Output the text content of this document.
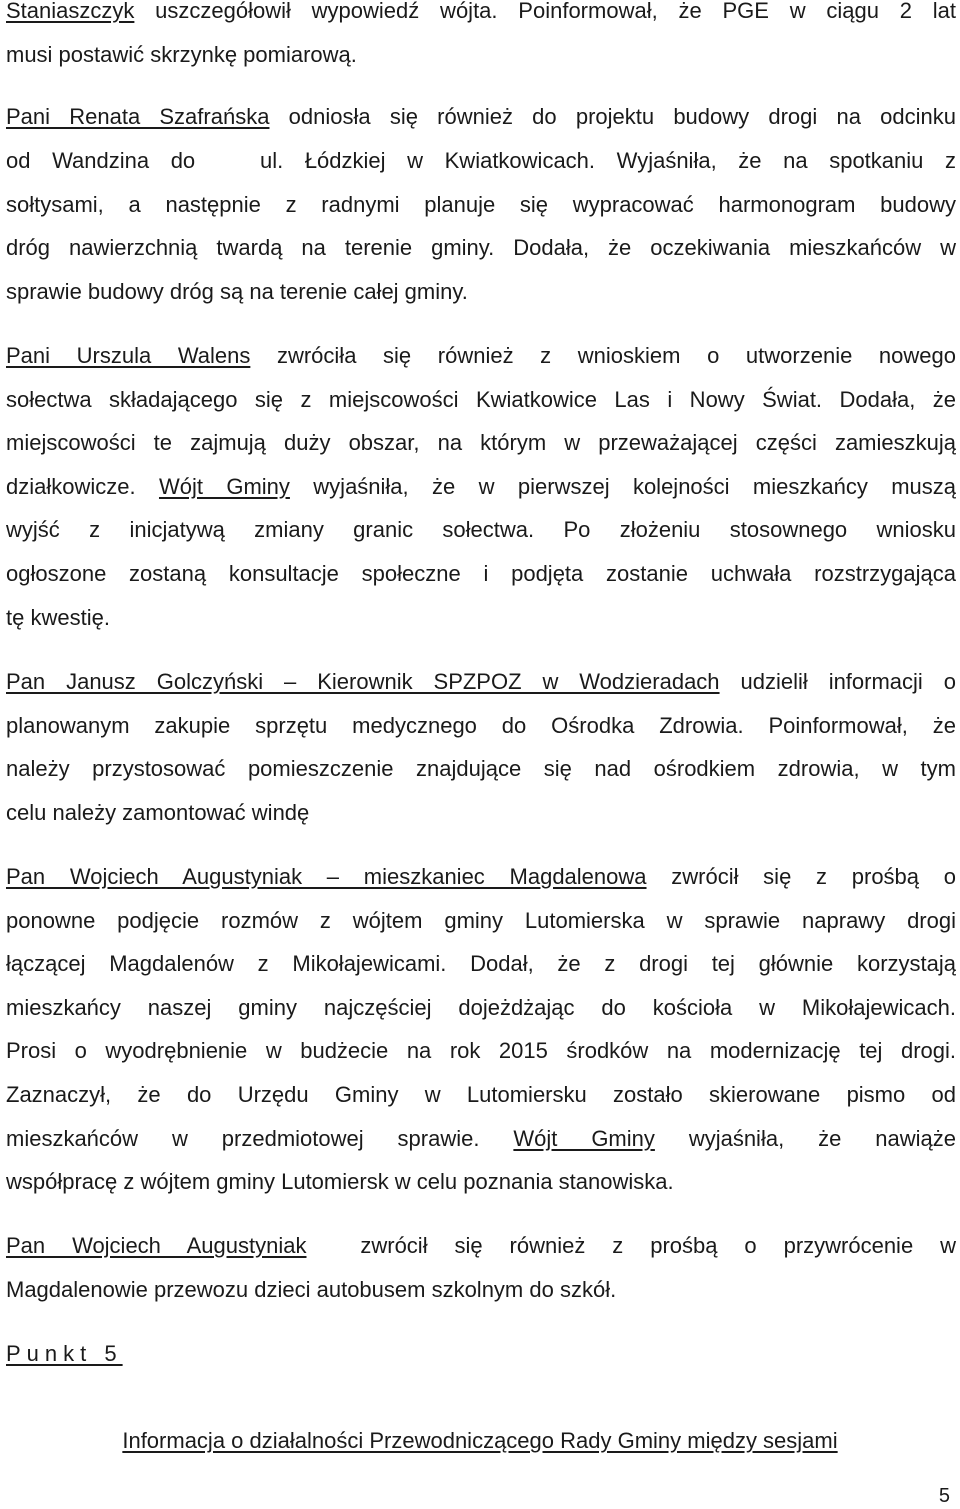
Staniaszczyk uszczegółowił wypowiedź wójta. Poinformował, że PGE w ciągu 2 lat
musi postawić skrzynkę pomiarową.
Pani Renata Szafrańska odniosła się również do projektu budowy drogi na odcinku
od Wandzina do   ul. Łódzkiej w Kwiatkowicach. Wyjaśniła, że na spotkaniu z
sołtysami, a następnie z radnymi planuje się wypracować harmonogram budowy
dróg nawierzchnią twardą na terenie gminy. Dodała, że oczekiwania mieszkańców w
sprawie budowy dróg są na terenie całej gminy.
Pani Urszula Walens zwróciła się również z wnioskiem o utworzenie nowego
sołectwa składającego się z miejscowości Kwiatkowice Las i Nowy Świat. Dodała, że
miejscowości te zajmują duży obszar, na którym w przeważającej części zamieszkują
działkowicze. Wójt Gminy wyjaśniła, że w pierwszej kolejności mieszkańcy muszą
wyjść z inicjatywą zmiany granic sołectwa. Po złożeniu stosownego wniosku
ogłoszone zostaną konsultacje społeczne i podjęta zostanie uchwała rozstrzygająca
tę kwestię.
Pan Janusz Golczyński – Kierownik SPZPOZ w Wodzieradach udzielił informacji o
planowanym zakupie sprzętu medycznego do Ośrodka Zdrowia. Poinformował, że
należy przystosować pomieszczenie znajdujące się nad ośrodkiem zdrowia, w tym
celu należy zamontować windę
Pan Wojciech Augustyniak – mieszkaniec Magdalenowa zwrócił się z prośbą o
ponowne podjęcie rozmów z wójtem gminy Lutomierska w sprawie naprawy drogi
łączącej Magdalenów z Mikołajewicami. Dodał, że z drogi tej głównie korzystają
mieszkańcy naszej gminy najczęściej dojeżdżając do kościoła w Mikołajewicach.
Prosi o wyodrębnienie w budżecie na rok 2015 środków na modernizację tej drogi.
Zaznaczył, że do Urzędu Gminy w Lutomiersku zostało skierowane pismo od
mieszkańców w przedmiotowej sprawie. Wójt Gminy wyjaśniła, że nawiąże
współpracę z wójtem gminy Lutomiersk w celu poznania stanowiska.
Pan Wojciech Augustyniak  zwrócił się również z prośbą o przywrócenie w
Magdalenowie przewozu dzieci autobusem szkolnym do szkół.
Punkt 5
Informacja o działalności Przewodniczącego Rady Gminy między sesjami
5
